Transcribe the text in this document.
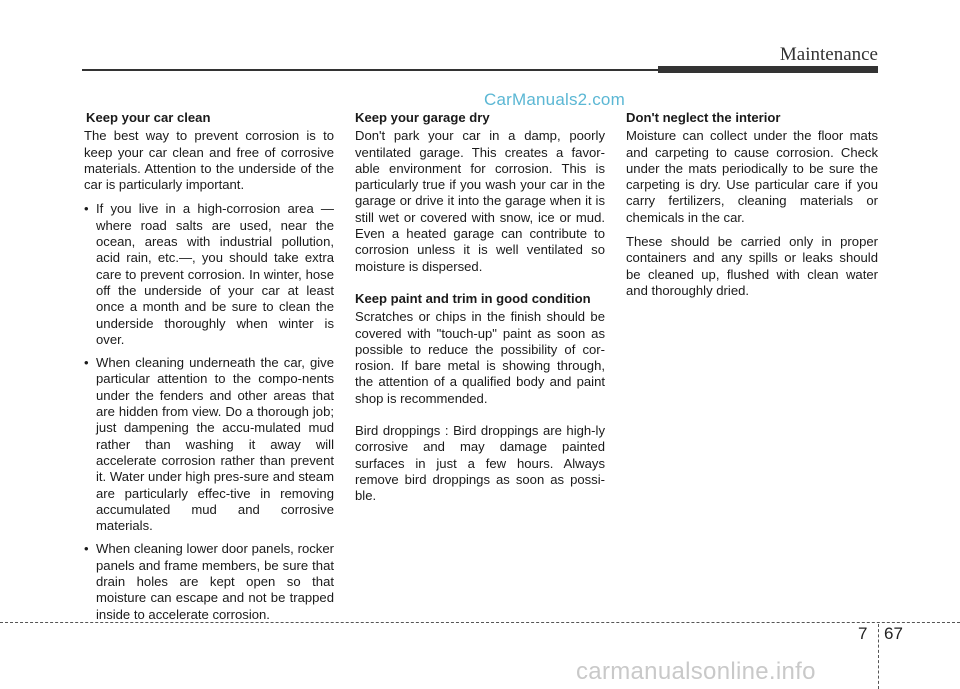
Maintenance
CarManuals2.com
Keep your car clean

The best way to prevent corrosion is to keep your car clean and free of corrosive materials. Attention to the underside of the car is particularly important.

• If you live in a high-corrosion area — where road salts are used, near the ocean, areas with industrial pollution, acid rain, etc.—, you should take extra care to prevent corrosion. In winter, hose off the underside of your car at least once a month and be sure to clean the underside thoroughly when winter is over.
• When cleaning underneath the car, give particular attention to the compo-nents under the fenders and other areas that are hidden from view. Do a thorough job; just dampening the accu-mulated mud rather than washing it away will accelerate corrosion rather than prevent it. Water under high pres-sure and steam are particularly effec-tive in removing accumulated mud and corrosive materials.
• When cleaning lower door panels, rocker panels and frame members, be sure that drain holes are kept open so that moisture can escape and not be trapped inside to accelerate corrosion.
Keep your garage dry

Don't park your car in a damp, poorly ventilated garage. This creates a favor-able environment for corrosion. This is particularly true if you wash your car in the garage or drive it into the garage when it is still wet or covered with snow, ice or mud. Even a heated garage can contribute to corrosion unless it is well ventilated so moisture is dispersed.

Keep paint and trim in good condition

Scratches or chips in the finish should be covered with "touch-up" paint as soon as possible to reduce the possibility of cor-rosion. If bare metal is showing through, the attention of a qualified body and paint shop is recommended.

Bird droppings : Bird droppings are high-ly corrosive and may damage painted surfaces in just a few hours. Always remove bird droppings as soon as possi-ble.

Don't neglect the interior

Moisture can collect under the floor mats and carpeting to cause corrosion. Check under the mats periodically to be sure the carpeting is dry. Use particular care if you carry fertilizers, cleaning materials or chemicals in the car.

These should be carried only in proper containers and any spills or leaks should be cleaned up, flushed with clean water and thoroughly dried.

7 67
carmanualsonline.info
